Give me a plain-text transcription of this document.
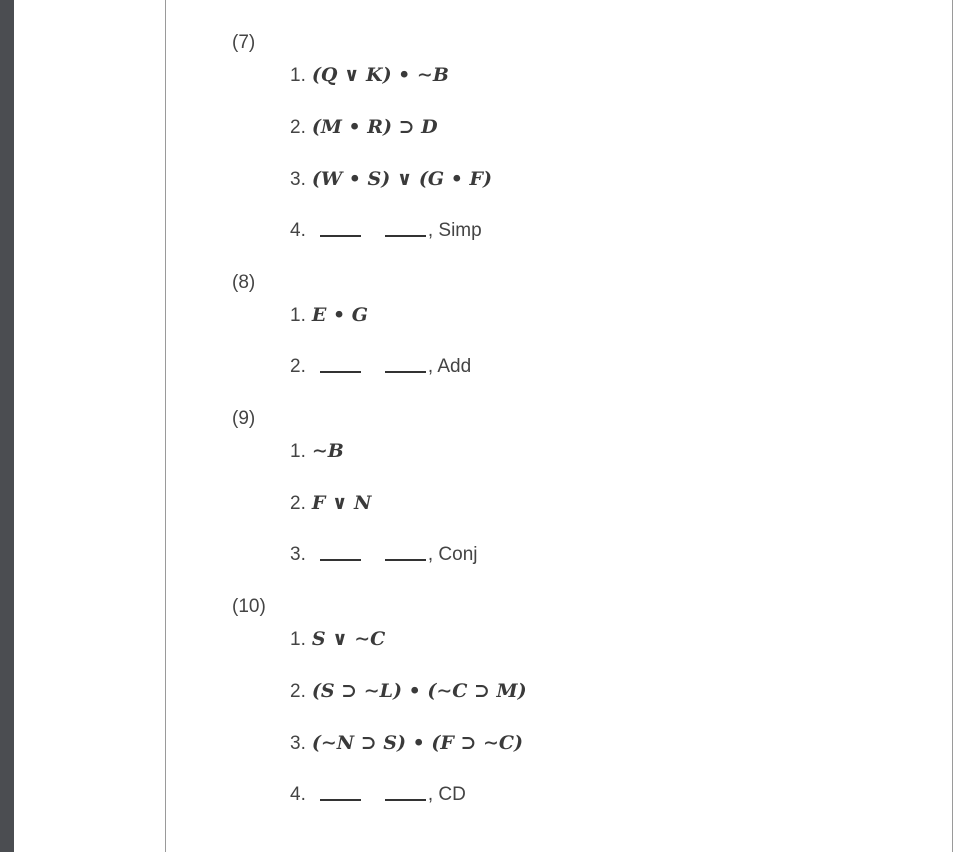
(7)
1. (Q ∨ K) • ∼B
2. (M • R) ⊃ D
3. (W • S) ∨ (G • F)
4.	, Simp
(8)
1. E • G
2.	, Add
(9)
1. ∼B
2. F ∨ N
3.	, Conj
(10)
1. S ∨ ∼C
2. (S ⊃ ∼L) • (∼C ⊃ M)
3. (∼N ⊃ S) • (F ⊃ ∼C)
4.	, CD
